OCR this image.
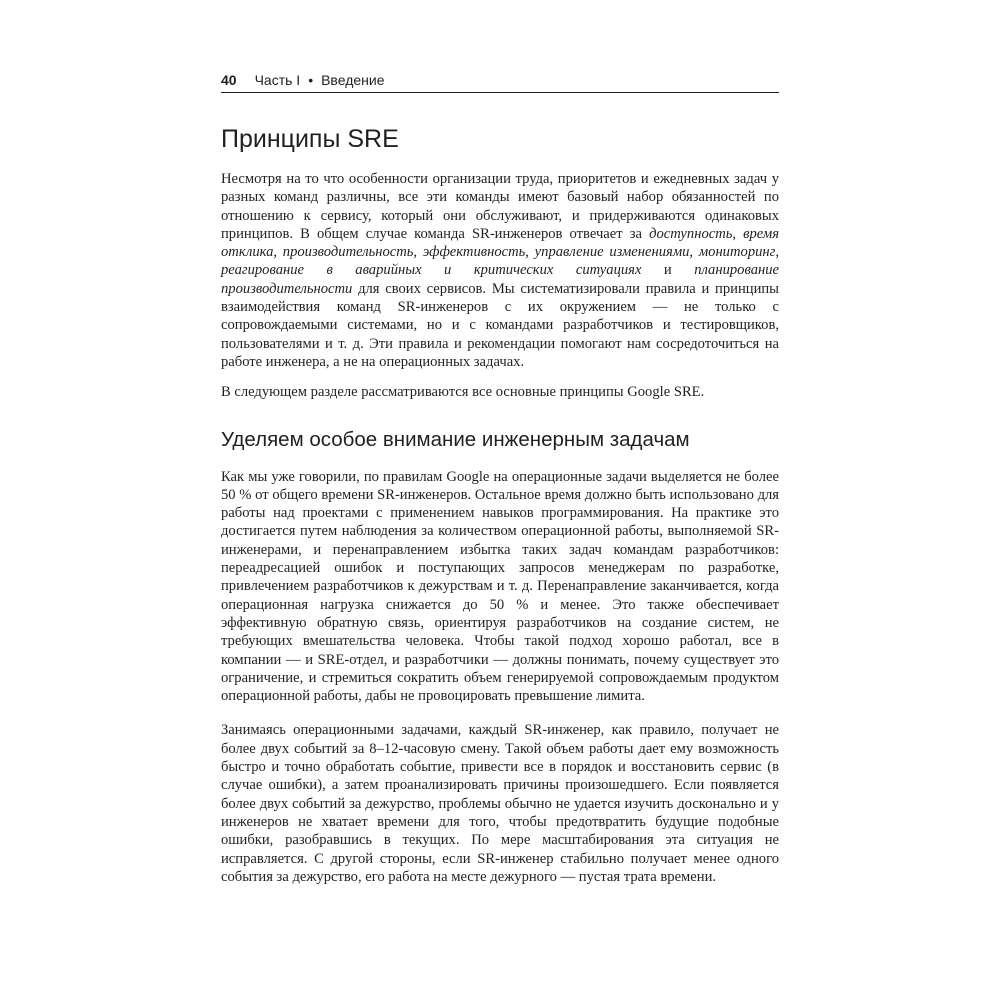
40 Часть I • Введение
Принципы SRE

Несмотря на то что особенности организации труда, приоритетов и ежедневных задач у разных команд различны, все эти команды имеют базовый набор обязанностей по отношению к сервису, который они обслуживают, и придерживаются одинаковых принципов. В общем случае команда SR-инженеров отвечает за доступность, время отклика, производительность, эффективность, управление изменениями, мониторинг, реагирование в аварийных и критических ситуациях и планирование производительности для своих сервисов. Мы систематизировали правила и принципы взаимодействия команд SR-инженеров с их окружением — не только с сопровождаемыми системами, но и с командами разработчиков и тестировщиков, пользователями и т. д. Эти правила и рекомендации помогают нам сосредоточиться на работе инженера, а не на операционных задачах.

В следующем разделе рассматриваются все основные принципы Google SRE.

Уделяем особое внимание инженерным задачам

Как мы уже говорили, по правилам Google на операционные задачи выделяется не более 50 % от общего времени SR-инженеров. Остальное время должно быть использовано для работы над проектами с применением навыков программирования. На практике это достигается путем наблюдения за количеством операционной работы, выполняемой SR-инженерами, и перенаправлением избытка таких задач командам разработчиков: переадресацией ошибок и поступающих запросов менеджерам по разработке, привлечением разработчиков к дежурствам и т. д. Перенаправление заканчивается, когда операционная нагрузка снижается до 50 % и менее. Это также обеспечивает эффективную обратную связь, ориентируя разработчиков на создание систем, не требующих вмешательства человека. Чтобы такой подход хорошо работал, все в компании — и SRE-отдел, и разработчики — должны понимать, почему существует это ограничение, и стремиться сократить объем генерируемой сопровождаемым продуктом операционной работы, дабы не провоцировать превышение лимита.

Занимаясь операционными задачами, каждый SR-инженер, как правило, получает не более двух событий за 8–12-часовую смену. Такой объем работы дает ему возможность быстро и точно обработать событие, привести все в порядок и восстановить сервис (в случае ошибки), а затем проанализировать причины произошедшего. Если появляется более двух событий за дежурство, проблемы обычно не удается изучить досконально и у инженеров не хватает времени для того, чтобы предотвратить будущие подобные ошибки, разобравшись в текущих. По мере масштабирования эта ситуация не исправляется. С другой стороны, если SR-инженер стабильно получает менее одного события за дежурство, его работа на месте дежурного — пустая трата времени.
